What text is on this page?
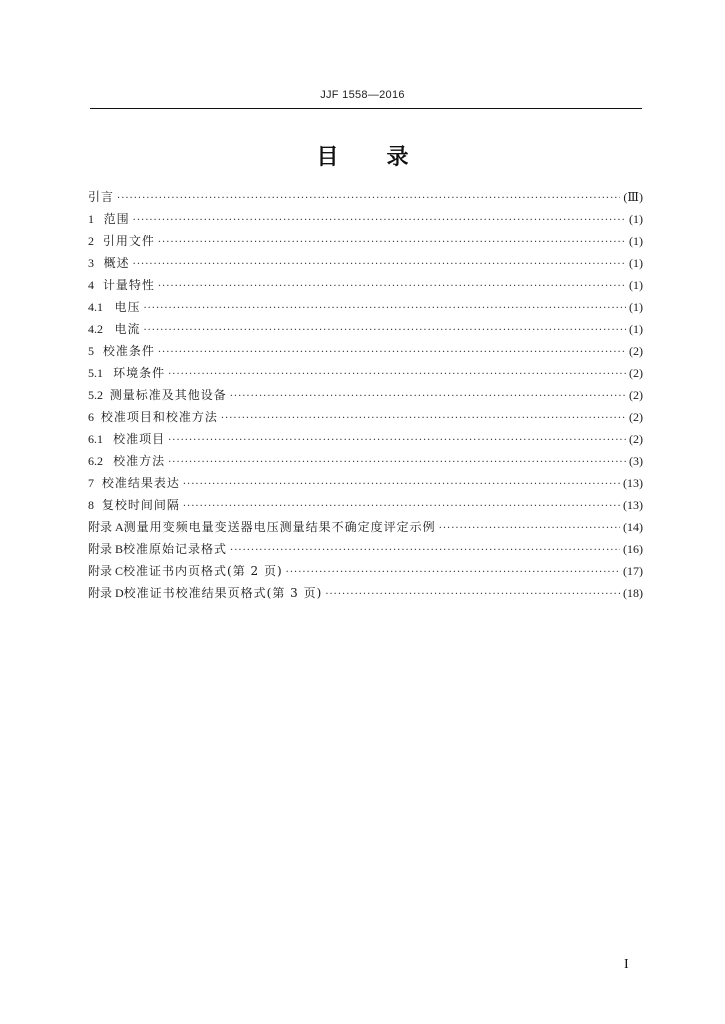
JJF 1558—2016
目 录
引言 ·····	(Ⅲ)
1 范围 ·····	(1)
2 引用文件 ·····	(1)
3 概述 ·····	(1)
4 计量特性 ·····	(1)
4.1 电压 ·····	(1)
4.2 电流 ·····	(1)
5 校准条件 ·····	(2)
5.1 环境条件 ·····	(2)
5.2 测量标准及其他设备 ·····	(2)
6 校准项目和校准方法 ·····	(2)
6.1 校准项目 ·····	(2)
6.2 校准方法 ·····	(3)
7 校准结果表达 ·····	(13)
8 复校时间间隔 ·····	(13)
附录 A 测量用变频电量变送器电压测量结果不确定度评定示例 ·····	(14)
附录 B 校准原始记录格式 ·····	(16)
附录 C 校准证书内页格式(第 2 页) ·····	(17)
附录 D 校准证书校准结果页格式(第 3 页) ·····	(18)
I
